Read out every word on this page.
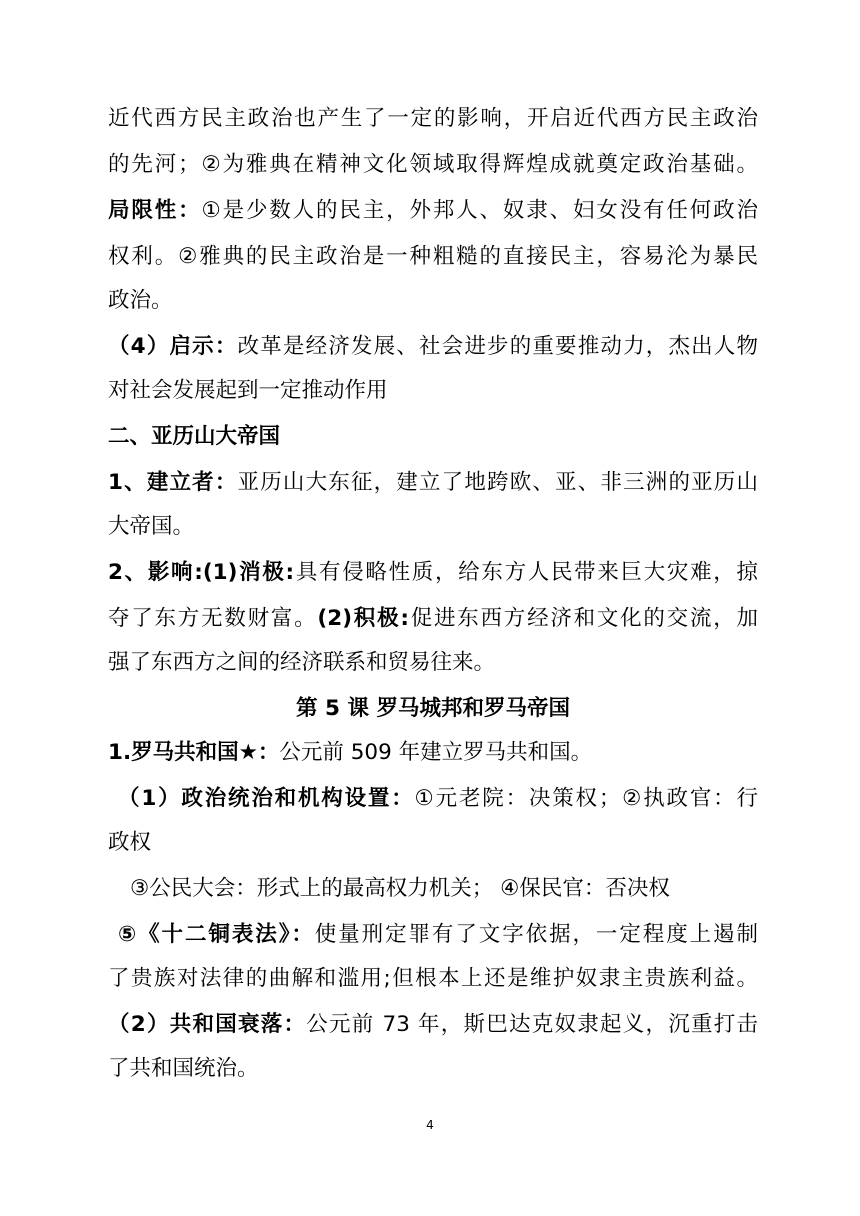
近代西方民主政治也产生了一定的影响，开启近代西方民主政治
的先河；②为雅典在精神文化领域取得辉煌成就奠定政治基础。
局限性：①是少数人的民主，外邦人、奴隶、妇女没有任何政治
权利。②雅典的民主政治是一种粗糙的直接民主，容易沦为暴民
政治。
（4）启示：改革是经济发展、社会进步的重要推动力，杰出人物
对社会发展起到一定推动作用
二、亚历山大帝国
1、建立者：亚历山大东征，建立了地跨欧、亚、非三洲的亚历山
大帝国。
2、影响:(1)消极:具有侵略性质，给东方人民带来巨大灾难，掠
夺了东方无数财富。(2)积极:促进东西方经济和文化的交流，加
强了东西方之间的经济联系和贸易往来。
第 5 课 罗马城邦和罗马帝国
1.罗马共和国★：公元前 509 年建立罗马共和国。
（1）政治统治和机构设置：①元老院：决策权；②执政官：行
政权
③公民大会：形式上的最高权力机关； ④保民官：否决权
⑤《十二铜表法》：使量刑定罪有了文字依据，一定程度上遏制
了贵族对法律的曲解和滥用;但根本上还是维护奴隶主贵族利益。
（2）共和国衰落：公元前 73 年，斯巴达克奴隶起义，沉重打击
了共和国统治。
4
